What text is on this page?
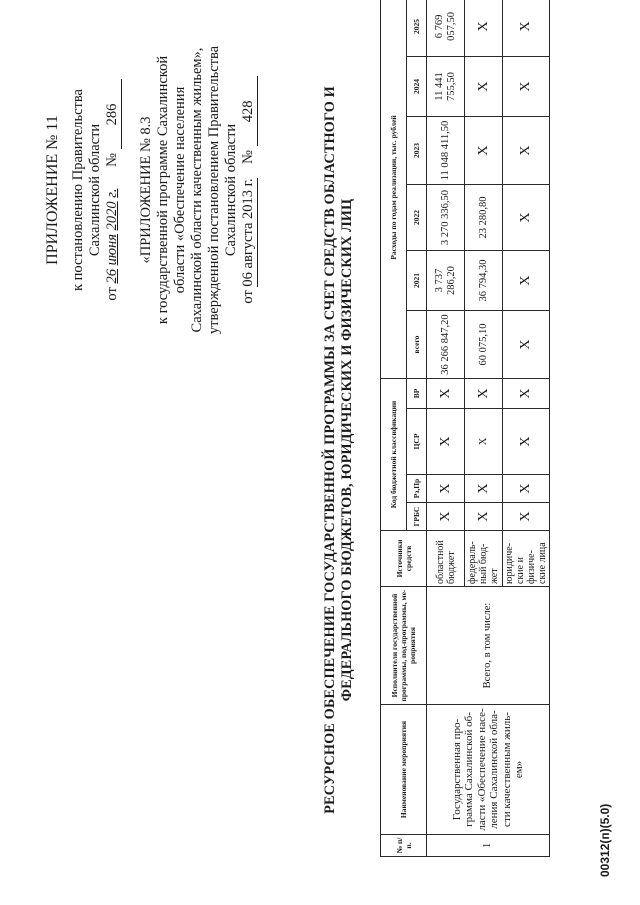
ПРИЛОЖЕНИЕ № 11 к постановлению Правительства Сахалинской области
от 26 июня 2020 г.      № 286
«ПРИЛОЖЕНИЕ № 8.3 к государственной программе Сахалинской области «Обеспечение населения Сахалинской области качественным жильем», утвержденной постановлением Правительства Сахалинской области
от 06 августа 2013 г.    № 428	РЕСУРСНОЕ ОБЕСПЕЧЕНИЕ ГОСУДАРСТВЕННОЙ ПРОГРАММЫ ЗА СЧЕТ СРЕДСТВ ОБЛАСТНОГО И ФЕДЕРАЛЬНОГО БЮДЖЕТОВ, ЮРИДИЧЕСКИХ И ФИЗИЧЕСКИХ ЛИЦ
№ п/п.	Наименование мероприятия	Исполнители государственной программы, под-программы, ме-роприятия	Источники средств	Код бюджетной классификации				Расходы по годам реализации, тыс. рублей					
				ГРБС	Рз,Пр	ЦСР	ВР	всего	2021	2022	2023	2024	2025
1	Государственная про-грамма Сахалинской об-ласти «Обеспечение насе-ления Сахалинской обла-сти качественным жиль-ем»	Всего, в том числе:	областной бюджет	X	X	X	X	36 266 847,20	3 737 286,20	3 270 336,50	11 048 411,50	11 441 755,50	6 769 057,50
			федераль-ный бюд-жет	X	X	X	X	60 075,10	36 794,30	23 280,80	X	X	X
			юридиче-ские и физиче-ские лица	X	X	X	X	X	X	X	X	X	X
00312(п)(5.0)
